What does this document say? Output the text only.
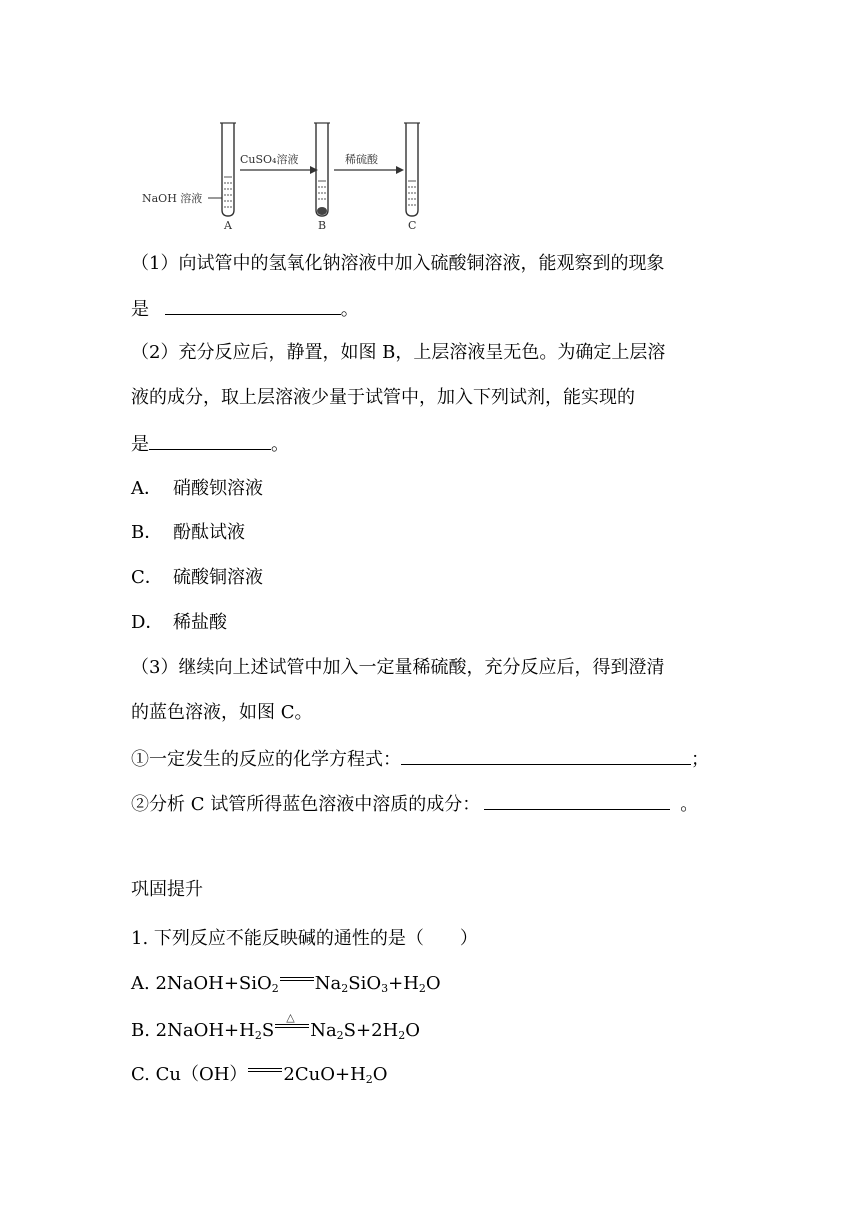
NaOH 溶液
A
CuSO₄溶液
B
稀硫酸
C
（1）向试管中的氢氧化钠溶液中加入硫酸铜溶液，能观察到的现象
是	。
（2）充分反应后，静置，如图 B，上层溶液呈无色。为确定上层溶
液的成分，取上层溶液少量于试管中，加入下列试剂，能实现的
是	。
A． 硝酸钡溶液
B． 酚酞试液
C． 硫酸铜溶液
D． 稀盐酸
（3）继续向上述试管中加入一定量稀硫酸，充分反应后，得到澄清
的蓝色溶液，如图 C。
①一定发生的反应的化学方程式：	；
②分析 C 试管所得蓝色溶液中溶质的成分：	。
巩固提升
1. 下列反应不能反映碱的通性的是（　　）
A. 2NaOH+SiO$_2$ $Na_2SiO_3+H_2O$
B. $2NaOH+H_2S$
△
$Na_2S+2H_2O$
C. Cu（OH） $2CuO+H_2O$
